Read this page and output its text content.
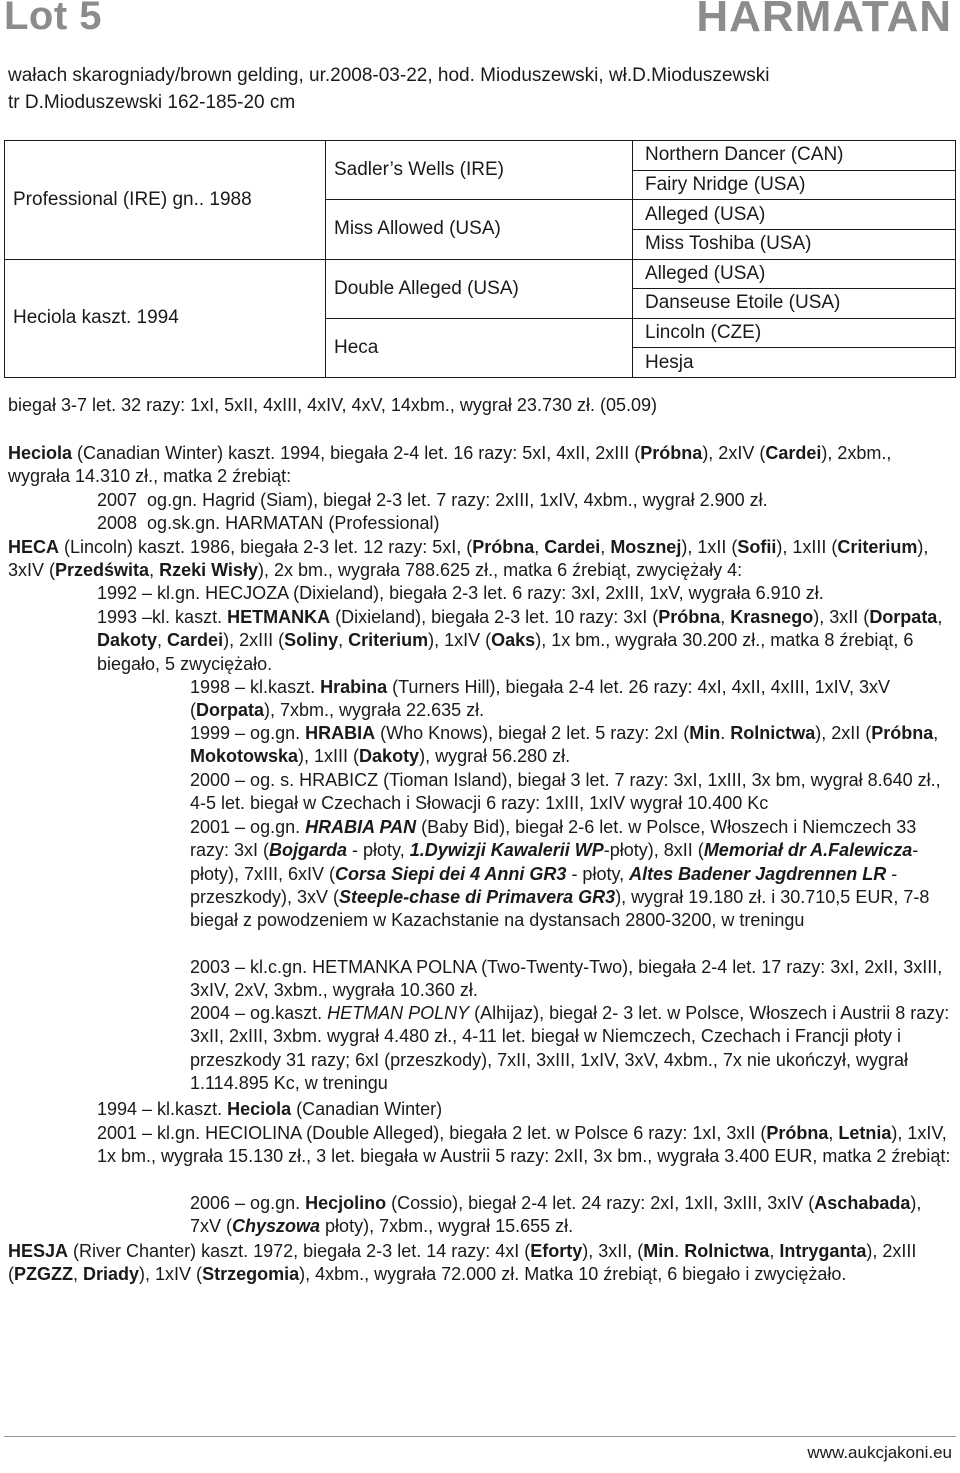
Lot 5	HARMATAN

wałach skarogniady/brown gelding, ur.2008-03-22, hod. Mioduszewski, wł.D.Mioduszewski
tr D.Mioduszewski 162-185-20 cm

Professional (IRE) gn.. 1988	Sadler’s Wells (IRE)	Northern Dancer (CAN)
		Fairy Nridge (USA)
	Miss Allowed (USA)	Alleged (USA)
		Miss Toshiba (USA)
Heciola kaszt. 1994	Double Alleged (USA)	Alleged (USA)
		Danseuse Etoile (USA)
	Heca	Lincoln (CZE)
		Hesja

biegał 3-7 let. 32 razy: 1xI, 5xII, 4xIII, 4xIV, 4xV, 14xbm., wygrał 23.730 zł. (05.09)

Heciola (Canadian Winter) kaszt. 1994, biegała 2-4 let. 16 razy: 5xI, 4xII, 2xIII (Próbna), 2xIV (Cardei), 2xbm., wygrała 14.310 zł., matka 2 źrebiąt:

2007  og.gn. Hagrid (Siam), biegał 2-3 let. 7 razy: 2xIII, 1xIV, 4xbm., wygrał 2.900 zł.

2008  og.sk.gn. HARMATAN (Professional)

HECA (Lincoln) kaszt. 1986, biegała 2-3 let. 12 razy: 5xI, (Próbna, Cardei, Mosznej), 1xII (Sofii), 1xIII (Criterium), 3xIV (Przedświta, Rzeki Wisły), 2x bm., wygrała 788.625 zł., matka 6 źrebiąt, zwyciężały 4:

1992 – kl.gn. HECJOZA (Dixieland), biegała 2-3 let. 6 razy: 3xI, 2xIII, 1xV, wygrała 6.910 zł.

1993 –kl. kaszt. HETMANKA (Dixieland), biegała 2-3 let. 10 razy: 3xI (Próbna, Krasnego), 3xII (Dorpata, Dakoty, Cardei), 2xIII (Soliny, Criterium), 1xIV (Oaks), 1x bm., wygrała 30.200 zł., matka 8 źrebiąt, 6 biegało, 5 zwyciężało.

1998 – kl.kaszt. Hrabina (Turners Hill), biegała 2-4 let. 26 razy: 4xI, 4xII, 4xIII, 1xIV, 3xV (Dorpata), 7xbm., wygrała 22.635 zł.

1999 – og.gn. HRABIA (Who Knows), biegał 2 let. 5 razy: 2xI (Min. Rolnictwa), 2xII (Próbna, Mokotowska), 1xIII (Dakoty), wygrał 56.280 zł.

2000 – og. s. HRABICZ (Tioman Island), biegał 3 let. 7 razy: 3xI, 1xIII, 3x bm, wygrał 8.640 zł., 4-5 let. biegał w Czechach i Słowacji 6 razy: 1xIII, 1xIV wygrał 10.400 Kc

2001 – og.gn. HRABIA PAN (Baby Bid), biegał 2-6 let. w Polsce, Włoszech i Niemczech 33 razy: 3xI (Bojgarda - płoty, 1.Dywizji Kawalerii WP-płoty), 8xII (Memoriał dr A.Falewicza-płoty), 7xIII, 6xIV (Corsa Siepi dei 4 Anni GR3 - płoty, Altes Badener Jagdrennen LR - przeszkody), 3xV (Steeple-chase di Primavera GR3), wygrał 19.180 zł. i 30.710,5 EUR, 7-8 biegał z powodzeniem w Kazachstanie na dystansach 2800-3200, w treningu

2003 – kl.c.gn. HETMANKA POLNA (Two-Twenty-Two), biegała 2-4 let. 17 razy: 3xI, 2xII, 3xIII, 3xIV, 2xV, 3xbm., wygrała 10.360 zł.

2004 – og.kaszt. HETMAN POLNY (Alhijaz), biegał 2- 3 let. w Polsce, Włoszech i Austrii 8 razy: 3xII, 2xIII, 3xbm. wygrał 4.480 zł., 4-11 let. biegał w Niemczech, Czechach i Francji płoty i przeszkody 31 razy; 6xI (przeszkody), 7xII, 3xIII, 1xIV, 3xV, 4xbm., 7x nie ukończył, wygrał 1.114.895 Kc, w treningu

1994 – kl.kaszt. Heciola (Canadian Winter)

2001 – kl.gn. HECIOLINA (Double Alleged), biegała 2 let. w Polsce 6 razy: 1xI, 3xII (Próbna, Letnia), 1xIV, 1x bm., wygrała 15.130 zł., 3 let. biegała w Austrii 5 razy: 2xII, 3x bm., wygrała 3.400 EUR, matka 2 źrebiąt:

2006 – og.gn. Hecjolino (Cossio), biegał 2-4 let. 24 razy: 2xI, 1xII, 3xIII, 3xIV (Aschabada), 7xV (Chyszowa płoty), 7xbm., wygrał 15.655 zł.

HESJA (River Chanter) kaszt. 1972, biegała 2-3 let. 14 razy: 4xI (Eforty), 3xII, (Min. Rolnictwa, Intryganta), 2xIII (PZGZZ, Driady), 1xIV (Strzegomia), 4xbm., wygrała 72.000 zł. Matka 10 źrebiąt, 6 biegało i zwyciężało.

www.aukcjakoni.eu
